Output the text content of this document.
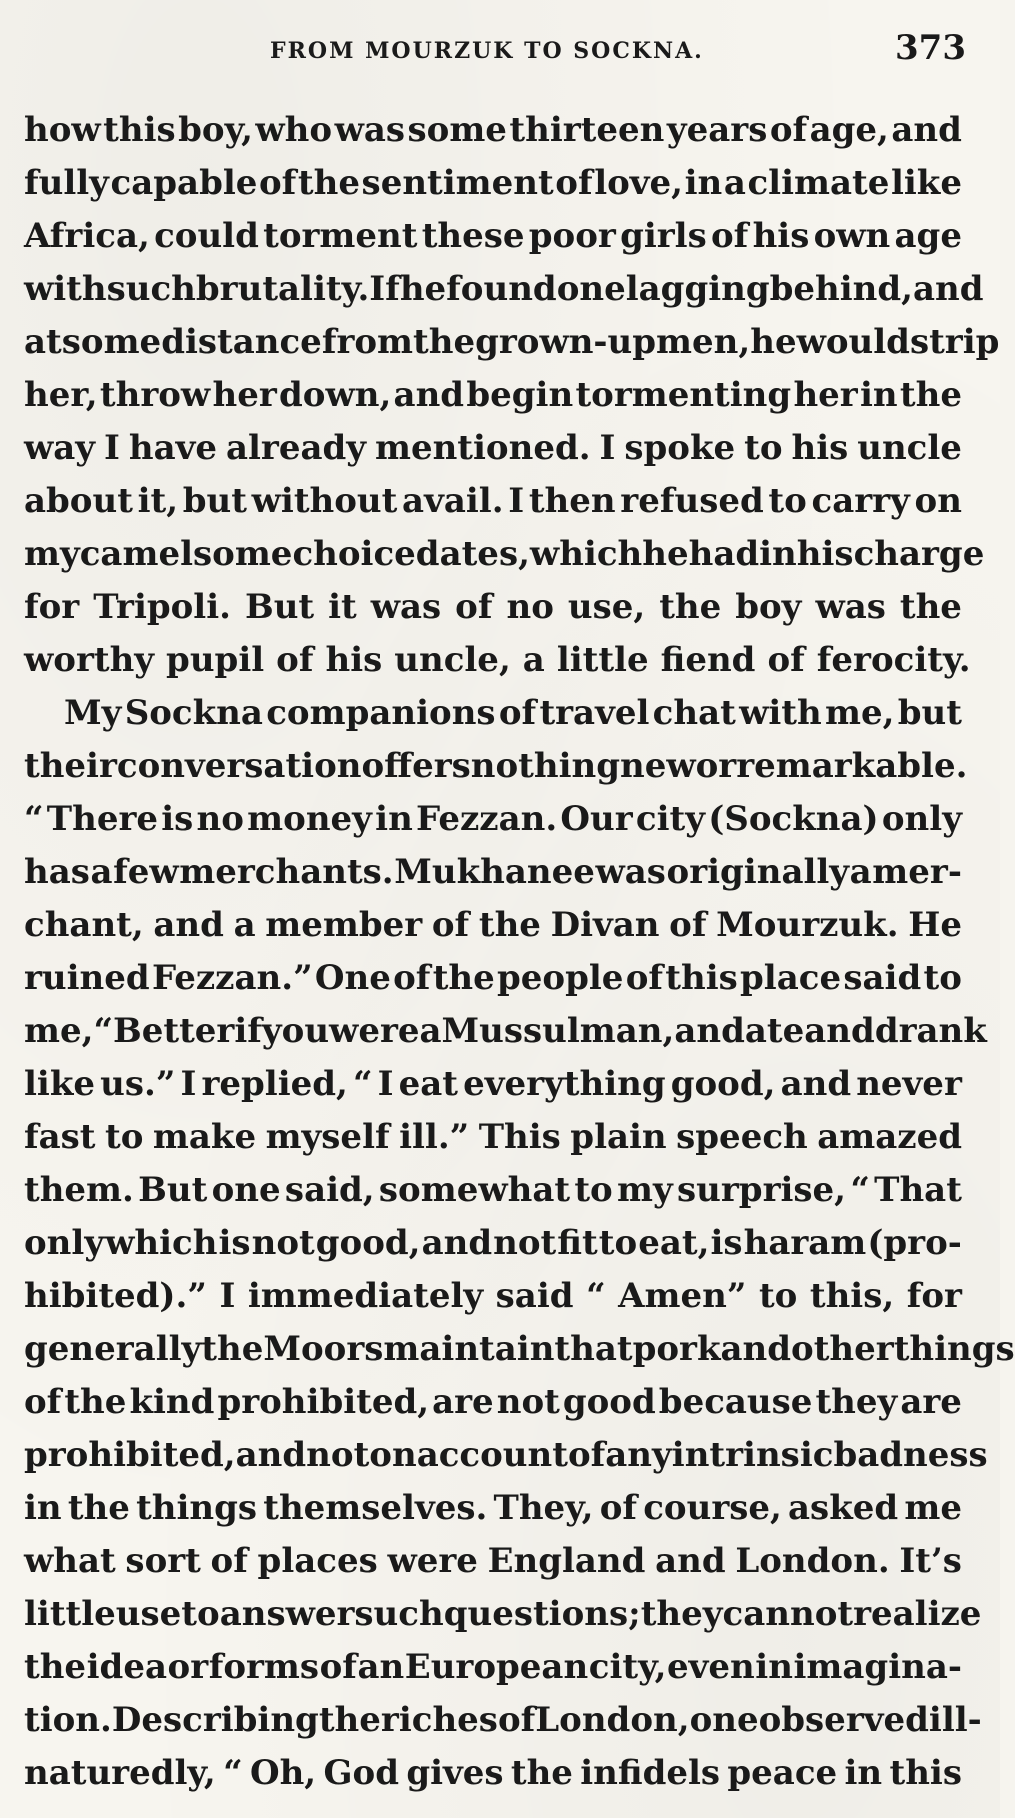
FROM MOURZUK TO SOCKNA.	373
how this boy, who was some thirteen years of age, and
fully capable of the sentiment of love, in a climate like
Africa, could torment these poor girls of his own age
with such brutality. If he found one lagging behind, and
at some distance from the grown-up men, he would strip
her, throw her down, and begin tormenting her in the
way I have already mentioned. I spoke to his uncle
about it, but without avail. I then refused to carry on
my camel some choice dates, which he had in his charge
for Tripoli. But it was of no use, the boy was the
worthy pupil of his uncle, a little fiend of ferocity.
My Sockna companions of travel chat with me, but
their conversation offers nothing new or remarkable.
“ There is no money in Fezzan. Our city (Sockna) only
has a few merchants. Mukhanee was originally a mer-
chant, and a member of the Divan of Mourzuk. He
ruined Fezzan.” One of the people of this place said to
me, “ Better if you were a Mussulman, and ate and drank
like us.” I replied, “ I eat everything good, and never
fast to make myself ill.” This plain speech amazed
them. But one said, somewhat to my surprise, “ That
only which is not good, and not fit to eat, is haram (pro-
hibited).” I immediately said “ Amen” to this, for
generally the Moors maintain that pork and other things
of the kind prohibited, are not good because they are
prohibited, and not on account of any intrinsic badness
in the things themselves. They, of course, asked me
what sort of places were England and London. It’s
little use to answer such questions ; they cannot realize
the idea or forms of an European city, even in imagina-
tion. Describing the riches of London, one observed ill-
naturedly, “ Oh, God gives the infidels peace in this
